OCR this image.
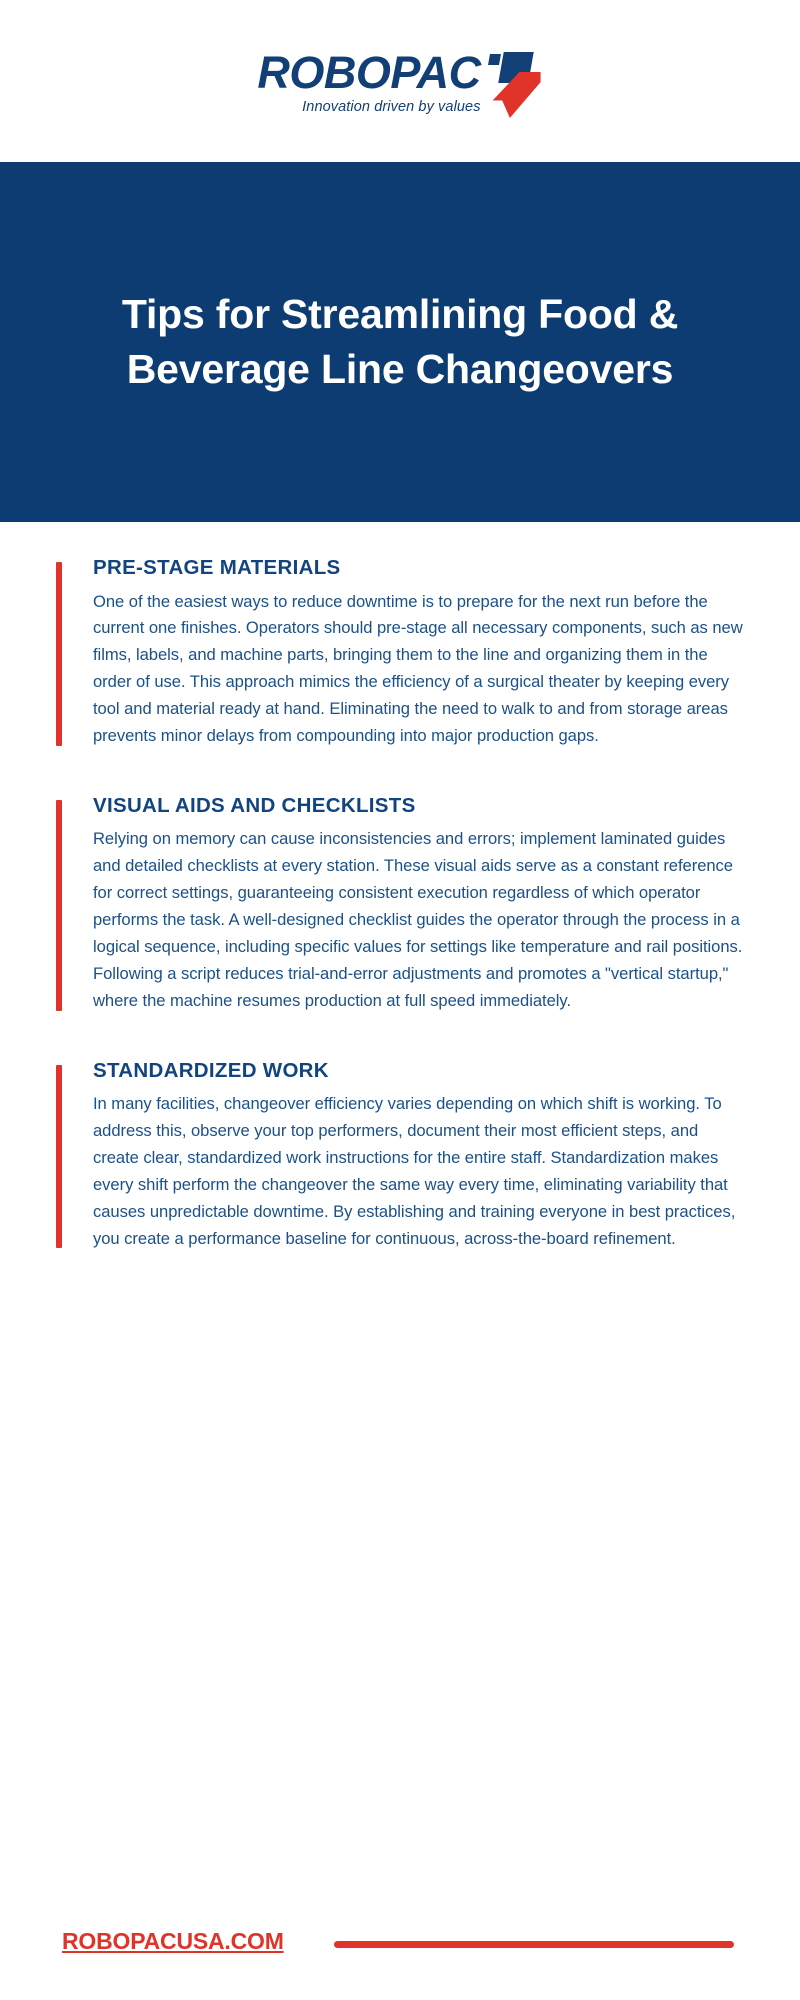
ROBOPAC
Innovation driven by values
Tips for Streamlining Food & Beverage Line Changeovers
PRE-STAGE MATERIALS

One of the easiest ways to reduce downtime is to prepare for the next run before the current one finishes. Operators should pre-stage all necessary components, such as new films, labels, and machine parts, bringing them to the line and organizing them in the order of use. This approach mimics the efficiency of a surgical theater by keeping every tool and material ready at hand. Eliminating the need to walk to and from storage areas prevents minor delays from compounding into major production gaps.

VISUAL AIDS AND CHECKLISTS

Relying on memory can cause inconsistencies and errors; implement laminated guides and detailed checklists at every station. These visual aids serve as a constant reference for correct settings, guaranteeing consistent execution regardless of which operator performs the task. A well-designed checklist guides the operator through the process in a logical sequence, including specific values for settings like temperature and rail positions. Following a script reduces trial-and-error adjustments and promotes a "vertical startup," where the machine resumes production at full speed immediately.

STANDARDIZED WORK

In many facilities, changeover efficiency varies depending on which shift is working. To address this, observe your top performers, document their most efficient steps, and create clear, standardized work instructions for the entire staff. Standardization makes every shift perform the changeover the same way every time, eliminating variability that causes unpredictable downtime. By establishing and training everyone in best practices, you create a performance baseline for continuous, across-the-board refinement.

ROBOPACUSA.COM
